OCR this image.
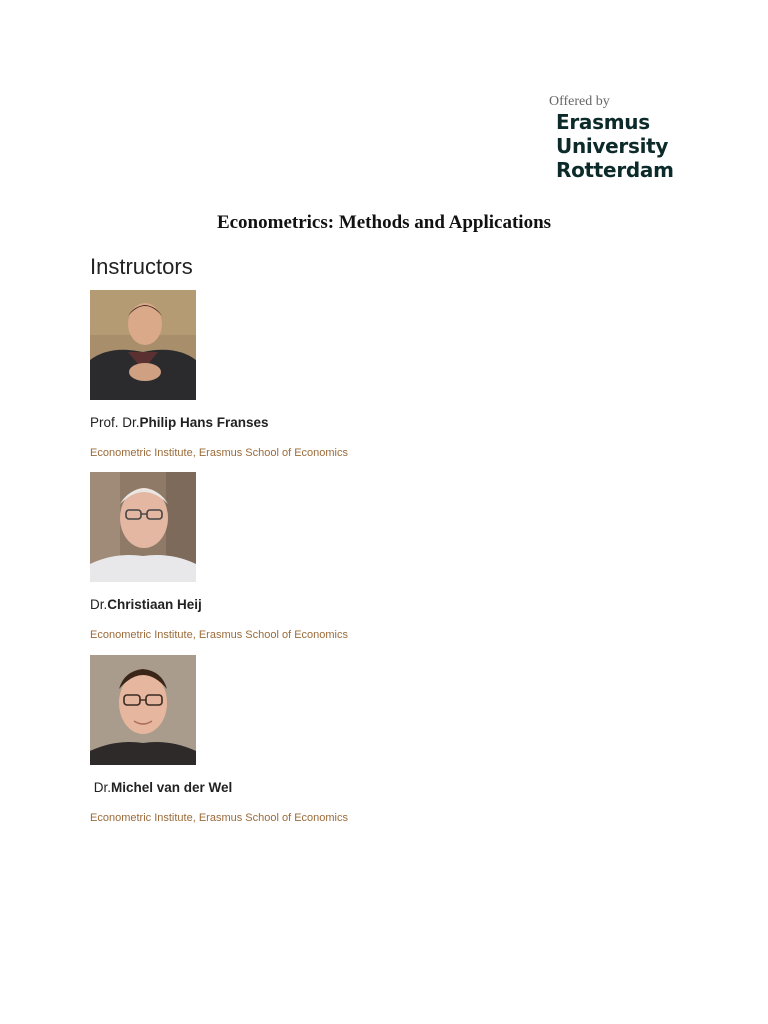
Offered by
Erasmus
University
Rotterdam
Econometrics: Methods and Applications
Instructors
Prof. Dr.Philip Hans Franses
Econometric Institute, Erasmus School of Economics
Dr.Christiaan Heij
Econometric Institute, Erasmus School of Economics
Dr.Michel van der Wel
Econometric Institute, Erasmus School of Economics
